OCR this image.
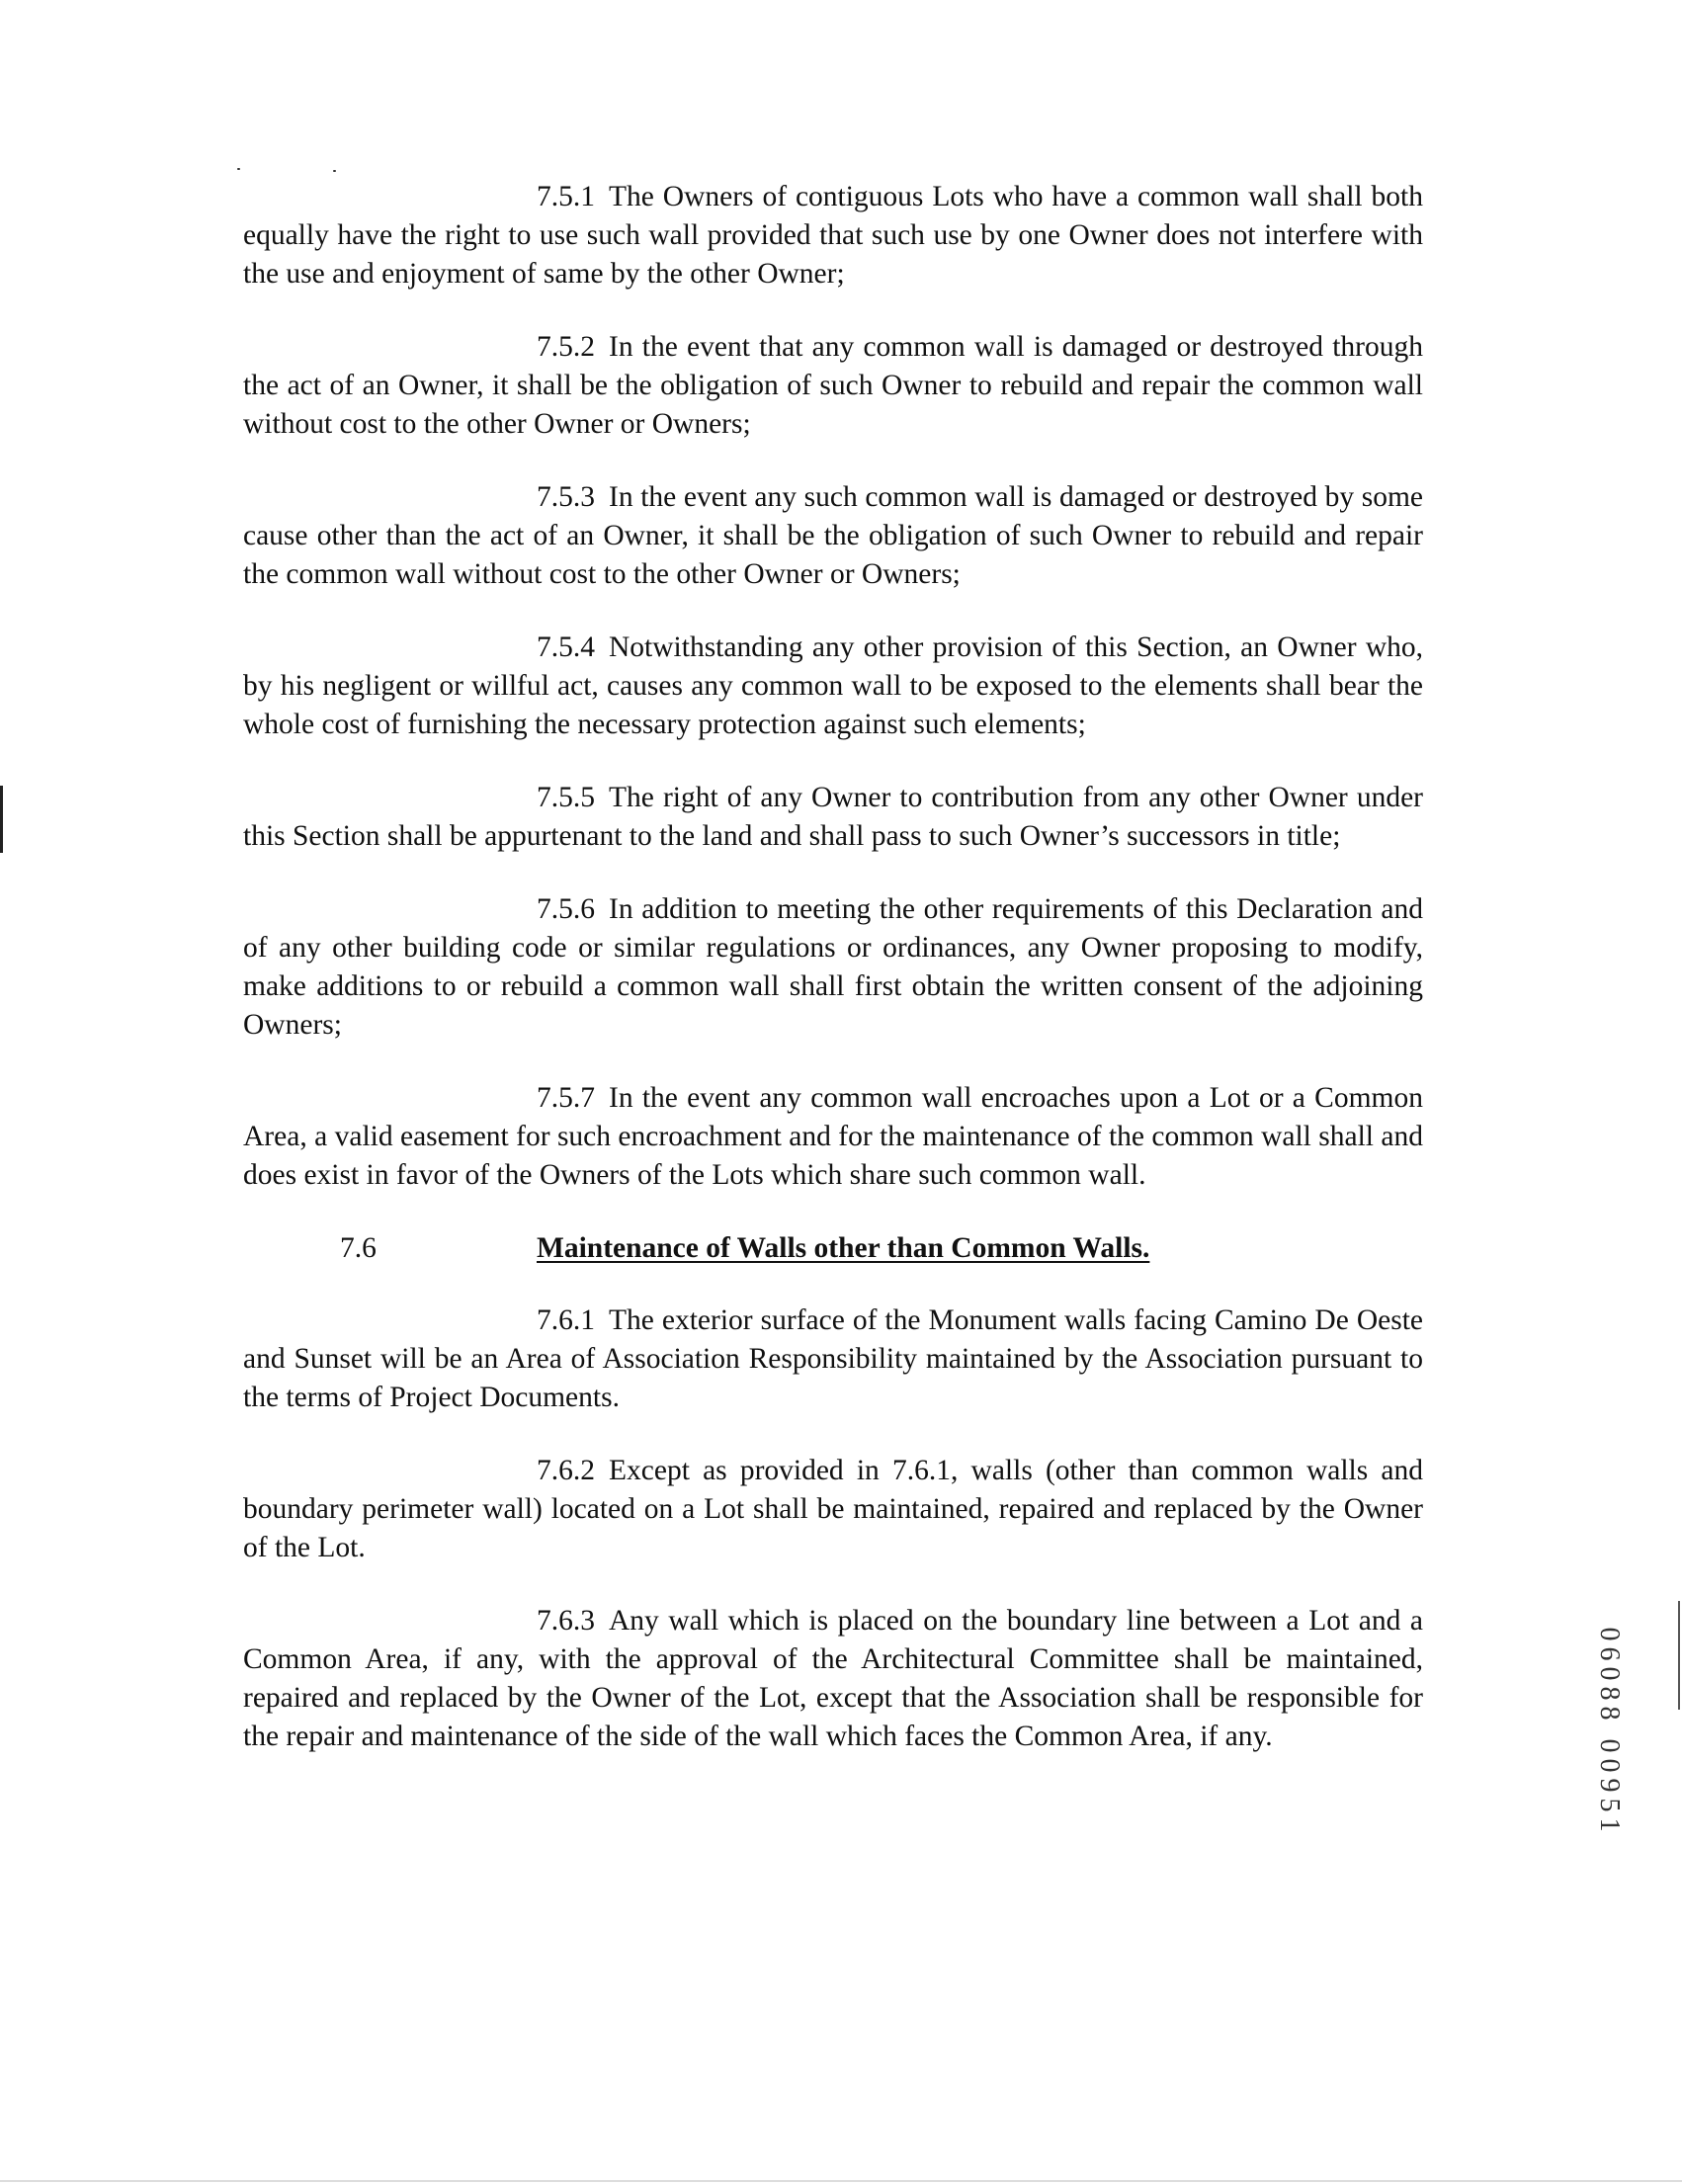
7.5.1 The Owners of contiguous Lots who have a common wall shall both equally have the right to use such wall provided that such use by one Owner does not interfere with the use and enjoyment of same by the other Owner;

7.5.2 In the event that any common wall is damaged or destroyed through the act of an Owner, it shall be the obligation of such Owner to rebuild and repair the common wall without cost to the other Owner or Owners;

7.5.3 In the event any such common wall is damaged or destroyed by some cause other than the act of an Owner, it shall be the obligation of such Owner to rebuild and repair the common wall without cost to the other Owner or Owners;

7.5.4 Notwithstanding any other provision of this Section, an Owner who, by his negligent or willful act, causes any common wall to be exposed to the elements shall bear the whole cost of furnishing the necessary protection against such elements;

7.5.5 The right of any Owner to contribution from any other Owner under this Section shall be appurtenant to the land and shall pass to such Owner’s successors in title;

7.5.6 In addition to meeting the other requirements of this Declaration and of any other building code or similar regulations or ordinances, any Owner proposing to modify, make additions to or rebuild a common wall shall first obtain the written consent of the adjoining Owners;

7.5.7 In the event any common wall encroaches upon a Lot or a Common Area, a valid easement for such encroachment and for the maintenance of the common wall shall and does exist in favor of the Owners of the Lots which share such common wall.

7.6	Maintenance of Walls other than Common Walls.

7.6.1 The exterior surface of the Monument walls facing Camino De Oeste and Sunset will be an Area of Association Responsibility maintained by the Association pursuant to the terms of Project Documents.

7.6.2 Except as provided in 7.6.1, walls (other than common walls and boundary perimeter wall) located on a Lot shall be maintained, repaired and replaced by the Owner of the Lot.

7.6.3 Any wall which is placed on the boundary line between a Lot and a Common Area, if any, with the approval of the Architectural Committee shall be maintained, repaired and replaced by the Owner of the Lot, except that the Association shall be responsible for the repair and maintenance of the side of the wall which faces the Common Area, if any.	06088 00951
